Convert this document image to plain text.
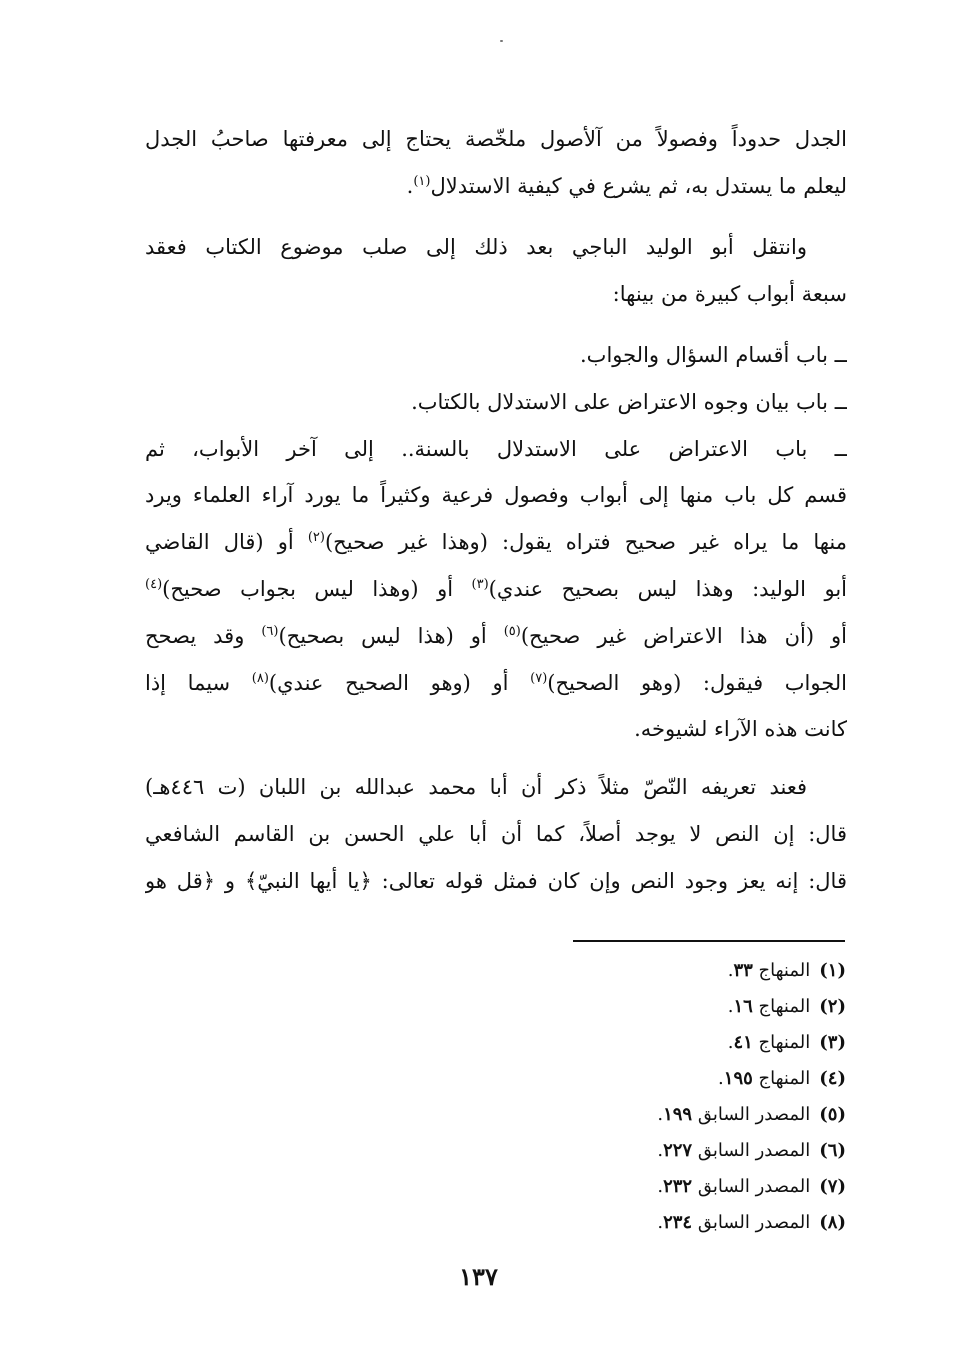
الجدل حدوداً وفصولاً من آلأصول ملخّصة يحتاج إلى معرفتها صاحبُ الجدل
ليعلم ما يستدل به، ثم يشرع في كيفية الاستدلال$^{(١)}$.
وانتقل أبو الوليد الباجي بعد ذلك إلى صلب موضوع الكتاب فعقد
سبعة أبواب كبيرة من بينها:
ــ باب أقسام السؤال والجواب.
ــ باب بيان وجوه الاعتراض على الاستدلال بالكتاب.
ــ باب الاعتراض على الاستدلال بالسنة.. إلى آخر الأبواب، ثم
قسم كل باب منها إلى أبواب وفصول فرعية وكثيراً ما يورد آراء العلماء ويرد
منها ما يراه غير صحيح فتراه يقول: (وهذا غير صحيح)$^{(٢)}$ أو (قال القاضي
أبو الوليد: وهذا ليس بصحيح عندي)$^{(٣)}$ أو (وهذا ليس بجواب صحيح)$^{(٤)}$
أو (أن هذا الاعتراض غير صحيح)$^{(٥)}$ أو (هذا ليس بصحيح)$^{(٦)}$ وقد يصحح
الجواب فيقول: (وهو الصحيح)$^{(٧)}$ أو (وهو الصحيح عندي)$^{(٨)}$ سيما إذا
كانت هذه الآراء لشيوخه.
فعند تعريفه النّصّ مثلاً ذكر أن أبا محمد عبدالله بن اللبان (ت ٤٤٦هـ)
قال: إن النص لا يوجد أصلاً، كما أن أبا علي الحسن بن القاسم الشافعي
قال: إنه يعز وجود النص وإن كان فمثل قوله تعالى: ﴿يا أيها النبيّ﴾ و ﴿قل هو
(١) المنهاج ٣٣.
(٢) المنهاج ١٦.
(٣) المنهاج ٤١.
(٤) المنهاج ١٩٥.
(٥) المصدر السابق ١٩٩.
(٦) المصدر السابق ٢٢٧.
(٧) المصدر السابق ٢٣٢.
(٨) المصدر السابق ٢٣٤.
١٣٧
